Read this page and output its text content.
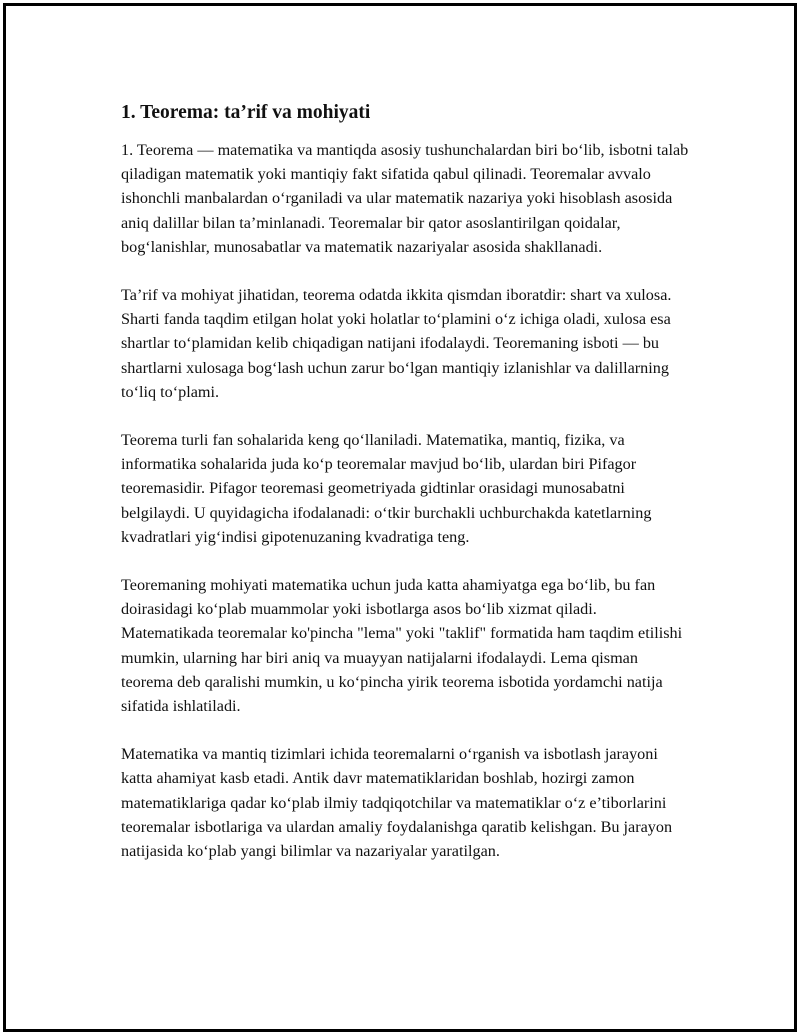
1. Teorema: ta’rif va mohiyati

1. Teorema — matematika va mantiqda asosiy tushunchalardan biri bo‘lib, isbotni talab qiladigan matematik yoki mantiqiy fakt sifatida qabul qilinadi. Teoremalar avvalo ishonchli manbalardan o‘rganiladi va ular matematik nazariya yoki hisoblash asosida aniq dalillar bilan ta’minlanadi. Teoremalar bir qator asoslantirilgan qoidalar, bog‘lanishlar, munosabatlar va matematik nazariyalar asosida shakllanadi.

Ta’rif va mohiyat jihatidan, teorema odatda ikkita qismdan iboratdir: shart va xulosa. Sharti fanda taqdim etilgan holat yoki holatlar to‘plamini o‘z ichiga oladi, xulosa esa shartlar to‘plamidan kelib chiqadigan natijani ifodalaydi. Teoremaning isboti — bu shartlarni xulosaga bog‘lash uchun zarur bo‘lgan mantiqiy izlanishlar va dalillarning to‘liq to‘plami.

Teorema turli fan sohalarida keng qo‘llaniladi. Matematika, mantiq, fizika, va informatika sohalarida juda ko‘p teoremalar mavjud bo‘lib, ulardan biri Pifagor teoremasidir. Pifagor teoremasi geometriyada gidtinlar orasidagi munosabatni belgilaydi. U quyidagicha ifodalanadi: o‘tkir burchakli uchburchakda katetlarning kvadratlari yig‘indisi gipotenuzaning kvadratiga teng.

Teoremaning mohiyati matematika uchun juda katta ahamiyatga ega bo‘lib, bu fan doirasidagi ko‘plab muammolar yoki isbotlarga asos bo‘lib xizmat qiladi. Matematikada teoremalar ko'pincha "lema" yoki "taklif" formatida ham taqdim etilishi mumkin, ularning har biri aniq va muayyan natijalarni ifodalaydi. Lema qisman teorema deb qaralishi mumkin, u ko‘pincha yirik teorema isbotida yordamchi natija sifatida ishlatiladi.

Matematika va mantiq tizimlari ichida teoremalarni o‘rganish va isbotlash jarayoni katta ahamiyat kasb etadi. Antik davr matematiklaridan boshlab, hozirgi zamon matematiklariga qadar ko‘plab ilmiy tadqiqotchilar va matematiklar o‘z e’tiborlarini teoremalar isbotlariga va ulardan amaliy foydalanishga qaratib kelishgan. Bu jarayon natijasida ko‘plab yangi bilimlar va nazariyalar yaratilgan.
